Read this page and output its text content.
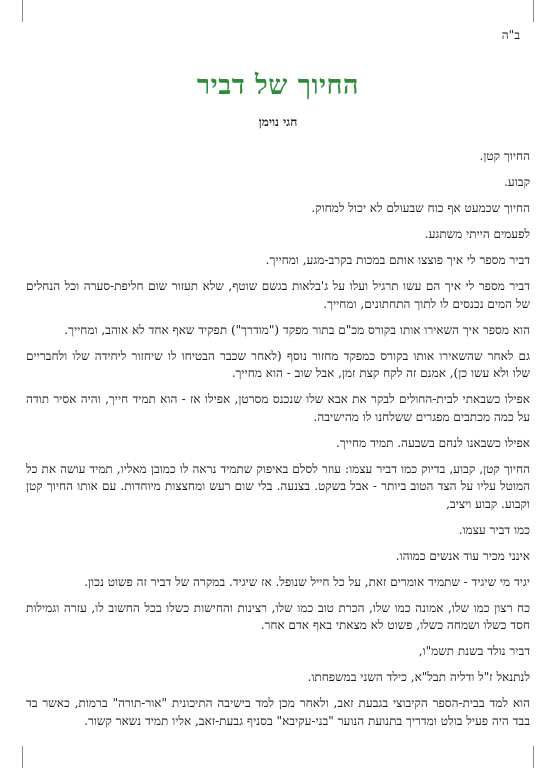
ב"ה
החיוך של דביר
חגי נוימן

החיוך קטן.

קבוע.

החיוך שכמעט אף כוח שבעולם לא יכול למחוק.

לפעמים הייתי משתגע.

דביר מספר לי איך פוצצו אותם במכות בקרב-מגע, ומחייך.

דביר מספר לי איך הם עשו תרגיל ועלו על ג'בלאות בגשם שוטף, שלא תעזור שום חליפת-סערה וכל הנחלים של המים נכנסים לו לתוך התחתונים, ומחייך.

הוא מספר איך השאירו אותו בקורס מכ"ם בתור מפקד ("מודרך") תפקיד שאף אחד לא אוהב, ומחייך.

גם לאחר שהשאירו אותו בקורס כמפקד מחזור נוסף (לאחר שכבר הבטיחו לו שיחזור ליחידה שלו ולחבריים שלו ולא עשו כן), אמנם זה לקח קצת זמן, אבל שוב - הוא מחייך.

אפילו כשבאתי לבית-החולים לבקר את אבא שלו שנכנס מסרטן, אפילו אז - הוא תמיד חייך, והיה אסיר תודה על כמה מכתבים מפגרים ששלחנו לו מהישיבה.

אפילו כשבאנו לנחם בשבעה. תמיד מחייך.

החיוך קטן, קבוע, בדיוק כמו דביר עצמו: עוזר לסלם באיפוק שתמיד נראה לו כמובן מאליו, תמיד עושה את כל המוטל עליו על הצד הטוב ביותר - אבל בשקט. בצנעה. בלי שום רעש ומחצצות מיוחדות. עם אותו החיוך קטן וקבוע. קבוע ויציב,

כמו דביר עצמו.

אינני מכיר עוד אנשים כמוהו.

יגיד מי שיגיד - שתמיד אומרים זאת, על כל חייל שנופל. אז שיגיד. במקרה של דביר זה פשוט נכון.

כח רצון כמו שלו, אמונה כמו שלו, הכרת טוב כמו שלו, רצינות והחישות כשלו בכל החשוב לו, עזרה וגמילות חסד כשלו ושמחה כשלו, פשוט לא מצאתי באף אדם אחר.

דביר נולד בשנת תשמ"ו,

לנתנאל ז"ל ודליה תבל"א, כילד השני במשפחתו.

הוא למד בבית-הספר הקיבוצי בגבעת זאב, ולאחר מכן למד בישיבה התיכונית "אור-תורה" ברמות, כאשר בד בבד היה פעיל בולט ומדריך בתנועת הנוער "בני-עקיבא" בסניף גבעת-זאב, אליו תמיד נשאר קשור.
